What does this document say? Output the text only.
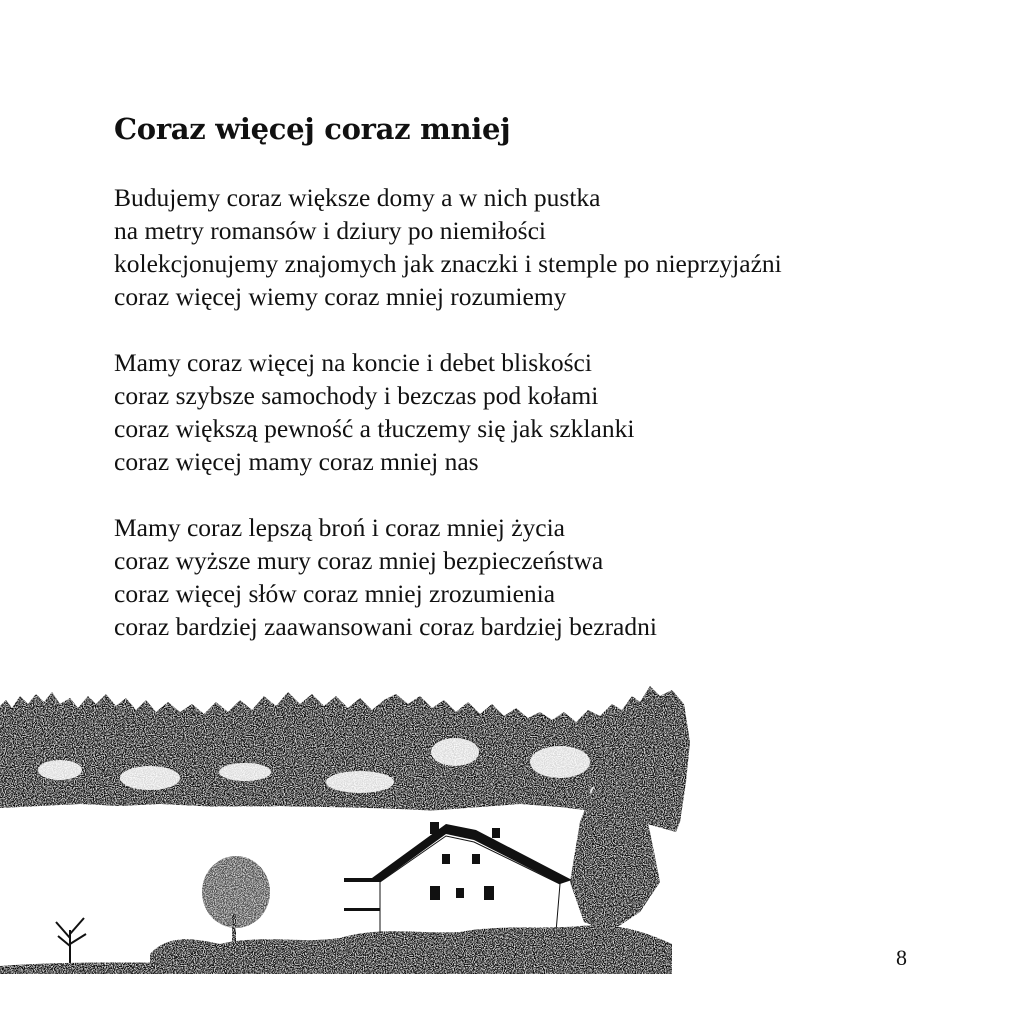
Coraz więcej coraz mniej

Budujemy coraz większe domy a w nich pustka
na metry romansów i dziury po niemiłości
kolekcjonujemy znajomych jak znaczki i stemple po nieprzyjaźni
coraz więcej wiemy coraz mniej rozumiemy

Mamy coraz więcej na koncie i debet bliskości
coraz szybsze samochody i bezczas pod kołami
coraz większą pewność a tłuczemy się jak szklanki
coraz więcej mamy coraz mniej nas

Mamy coraz lepszą broń i coraz mniej życia
coraz wyższe mury coraz mniej bezpieczeństwa
coraz więcej słów coraz mniej zrozumienia
coraz bardziej zaawansowani coraz bardziej bezradni

8
